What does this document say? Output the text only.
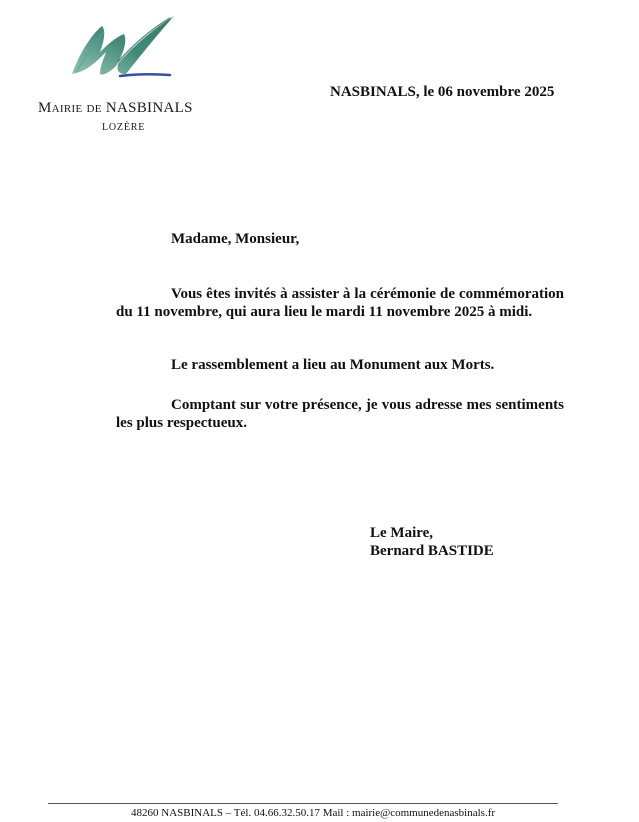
Mairie de NASBINALS
LOZÈRE
NASBINALS, le 06 novembre 2025
Madame, Monsieur,

Vous êtes invités à assister à la cérémonie de commémoration du 11 novembre, qui aura lieu le mardi 11 novembre 2025 à midi.

Le rassemblement a lieu au Monument aux Morts.

Comptant sur votre présence, je vous adresse mes sentiments les plus respectueux.

Le Maire,
Bernard BASTIDE
48260 NASBINALS – Tél. 04.66.32.50.17 Mail : mairie@communedenasbinals.fr
